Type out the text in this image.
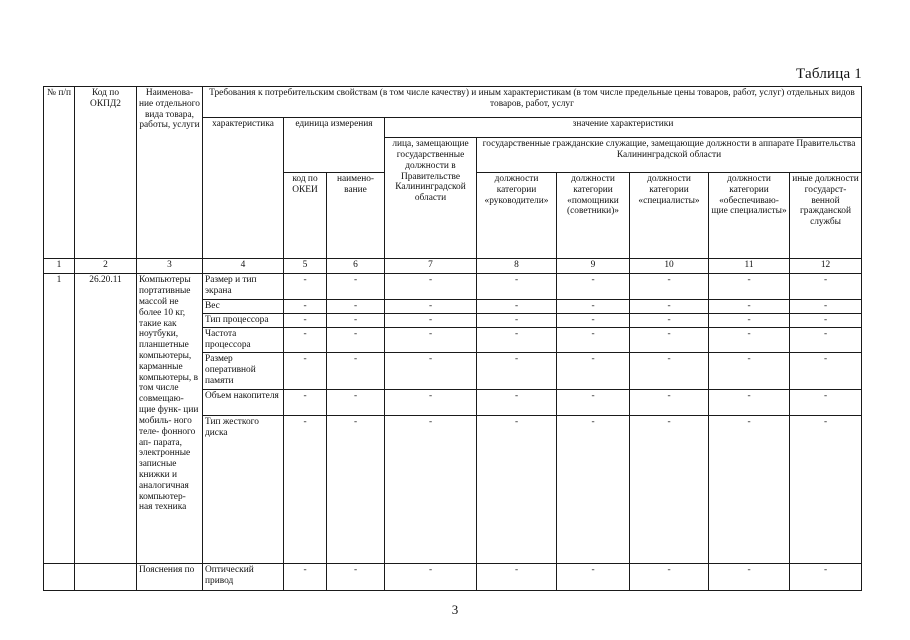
Таблица 1
№ п/п	Код по ОКПД2	Наименова- ние отдельного вида товара, работы, услуги	Требования к потребительским свойствам (в том числе качеству) и иным характеристикам (в том числе предельные цены товаров, работ, услуг) отдельных видов товаров, работ, услуг								
			характеристика	единица измерения		значение характеристики					
						лица, замещающие государственные должности в Правительстве Калининградской области	государственные гражданские служащие, замещающие должности в аппарате Правительства Калининградской области				
				код по ОКЕИ	наимено- вание		должности категории «руководители»	должности категории «помощники (советники)»	должности категории «специалисты»	должности категории «обеспечиваю- щие специалисты»	иные должности государст- венной гражданской службы
1	2	3	4	5	6	7	8	9	10	11	12
1	26.20.11	Компьютеры портативные массой не более 10 кг, такие как ноутбуки, планшетные компьютеры, карманные компьютеры, в том числе совмещаю- щие функ- ции мобиль- ного теле- фонного ап- парата, электронные записные книжки и аналогичная компьютер- ная техника	Размер и тип экрана	-	-	-	-	-	-	-	-
			Вес	-	-	-	-	-	-	-	-
			Тип процессора	-	-	-	-	-	-	-	-
			Частота процессора	-	-	-	-	-	-	-	-
			Размер оперативной памяти	-	-	-	-	-	-	-	-
			Объем накопителя	-	-	-	-	-	-	-	-
			Тип жесткого диска	-	-	-	-	-	-	-	-
		Пояснения по	Оптический привод	-	-	-	-	-	-	-	-
3
